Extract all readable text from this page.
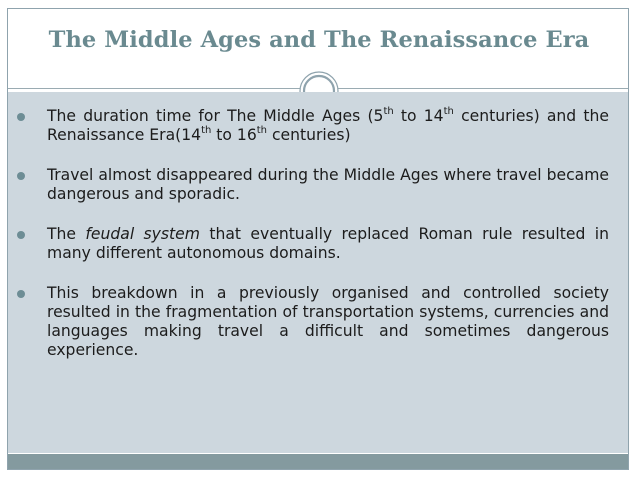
The Middle Ages and The Renaissance Era
The duration time for The Middle Ages (5th to 14th centuries) and the Renaissance Era(14th to 16th centuries)
Travel almost disappeared during the Middle Ages where travel became dangerous and sporadic.
The feudal system that eventually replaced Roman rule resulted in many different autonomous domains.
This breakdown in a previously organised and controlled society resulted in the fragmentation of transportation systems, currencies and languages making travel a difficult and sometimes dangerous experience.
